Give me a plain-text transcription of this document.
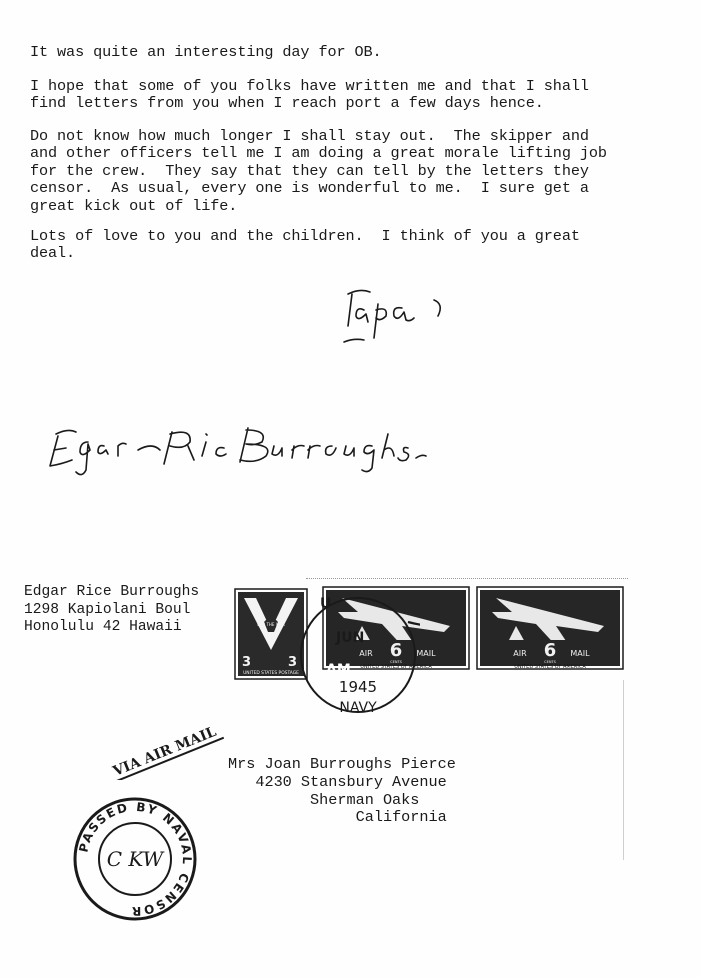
It was quite an interesting day for OB.

I hope that some of you folks have written me and that I shall
find letters from you when I reach port a few days hence.

Do not know how much longer I shall stay out.  The skipper and
and other officers tell me I am doing a great morale lifting job
for the crew.  They say that they can tell by the letters they
censor.  As usual, every one is wonderful to me.  I sure get a
great kick out of life.

Lots of love to you and the children.  I think of you a great
deal.

Edgar Rice Burroughs
1298 Kapiolani Boul
Honolulu 42 Hawaii	WIN THE WAR
3	3
UNITED STATES POSTAGE
AIR 6 MAIL
CENTS
UNITED STATES OF AMERICA
AIR 6 MAIL
CENTS
UNITED STATES OF AMERICA
U
JUN
AM
1945
NAVY
VIA AIR MAIL Mrs Joan Burroughs Pierce
4230 Stansbury Avenue
Sherman Oaks
California

PASSED BY NAVAL CENSOR
C KW
